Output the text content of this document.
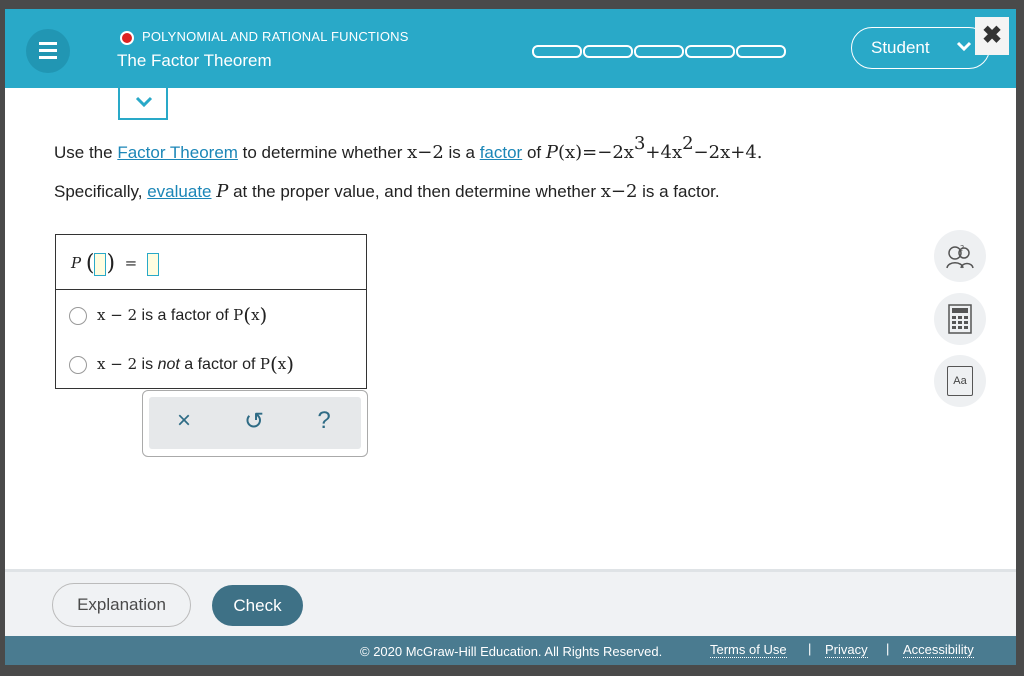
POLYNOMIAL AND RATIONAL FUNCTIONS
The Factor Theorem
Student ✖
Use the Factor Theorem to determine whether x−2 is a factor of $P(x)=-2x^3+4x^2-2x+4$.
Specifically, evaluate P at the proper value, and then determine whether x−2 is a factor.
P ( ) =
x − 2 is a factor of P(x)
x − 2 is not a factor of P(x)
×	↺	?
?
Aa
Explanation	Check
© 2020 McGraw-Hill Education. All Rights Reserved.	Terms of Use | Privacy | Accessibility
